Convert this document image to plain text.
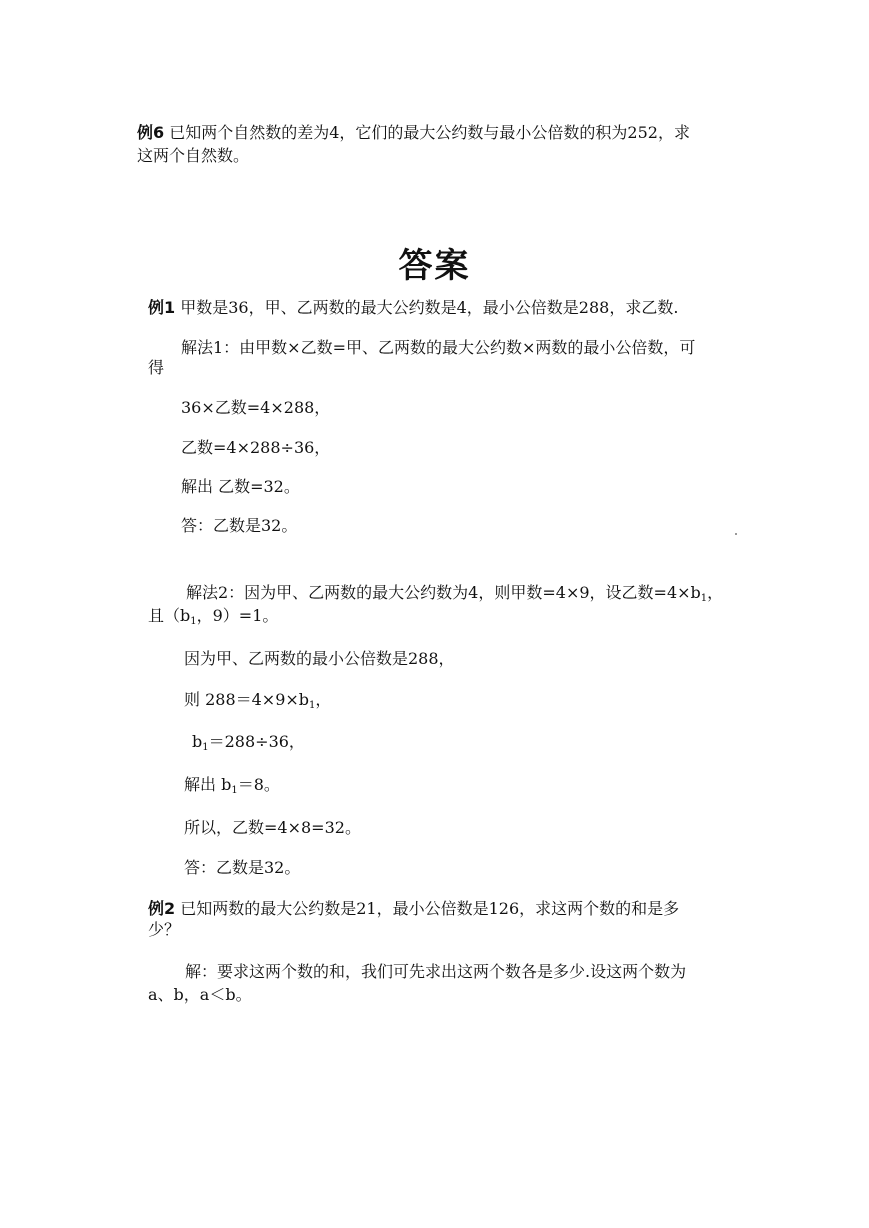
例6 已知两个自然数的差为4，它们的最大公约数与最小公倍数的积为252，求
这两个自然数。
答案
例1 甲数是36，甲、乙两数的最大公约数是4，最小公倍数是288，求乙数.
解法1：由甲数×乙数=甲、乙两数的最大公约数×两数的最小公倍数，可
得
36×乙数=4×288，
乙数=4×288÷36，
解出 乙数=32。
答：乙数是32。
解法2：因为甲、乙两数的最大公约数为4，则甲数=4×9，设乙数$=4\times b_1$，
且（$b_1$，9）=1。
因为甲、乙两数的最小公倍数是288，
则 $288=4\times 9\times b_1$，
$b_1=288\div 36$，
解出 $b_1=8$。
所以，乙数=4×8=32。
答：乙数是32。
例2 已知两数的最大公约数是21，最小公倍数是126，求这两个数的和是多
少？
解：要求这两个数的和，我们可先求出这两个数各是多少.设这两个数为
a、b，a＜b。
